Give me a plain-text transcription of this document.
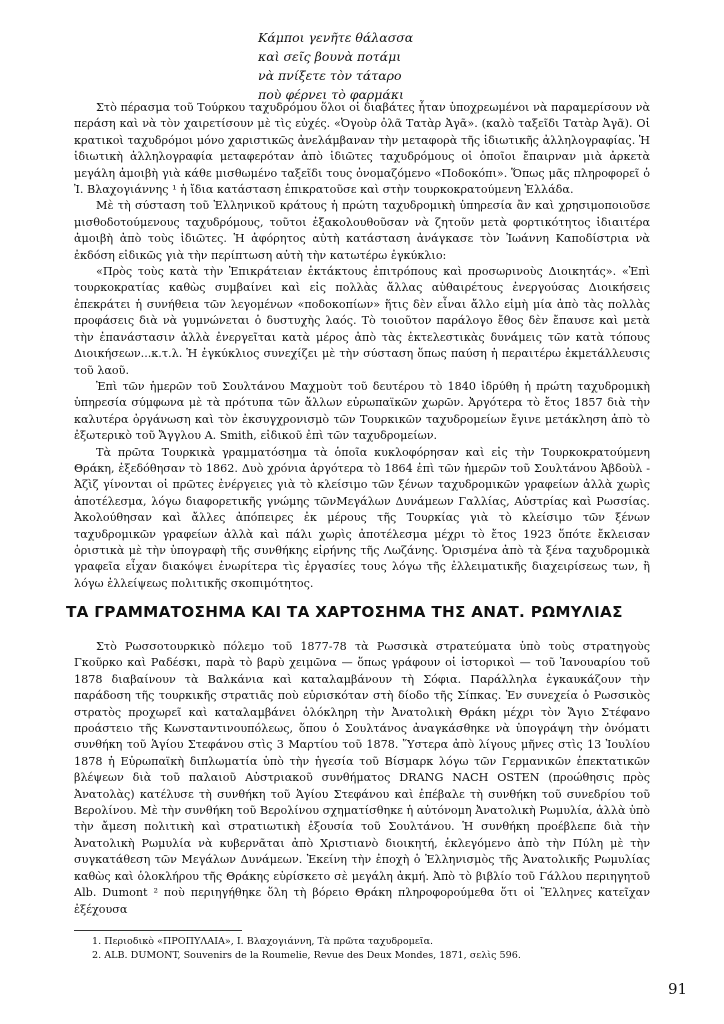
Κάμποι γενῆτε θάλασσα
καὶ σεῖς βουνὰ ποτάμι
νὰ πνίξετε τὸν τάταρο
ποὺ φέρνει τὸ φαρμάκι

Στὸ πέρασμα τοῦ Τούρκου ταχυδρόμου ὅλοι οἱ διαβάτες ἦταν ὑποχρεωμένοι νὰ παραμερίσουν νὰ περάση καὶ νὰ τὸν χαιρετίσουν μὲ τὶς εὐχές. «Ὀγοὺρ ὀλᾶ Τατὰρ Ἀγᾶ». (καλὸ ταξεῖδι Τατὰρ Ἀγᾶ). Οἱ κρατικοὶ ταχυδρόμοι μόνο χαριστικῶς ἀνελάμβαναν τὴν μεταφορὰ τῆς ἰδιωτικῆς ἀλληλογραφίας. Ἡ ἰδιωτικὴ ἀλληλογραφία μεταφερόταν ἀπὸ ἰδιῶτες ταχυδρόμους οἱ ὁποῖοι ἔπαιρναν μιὰ ἀρκετὰ μεγάλη ἀμοιβὴ γιὰ κάθε μισθωμένο ταξεῖδι τους ὀνομαζόμενο «Ποδοκόπι». Ὅπως μᾶς πληροφορεῖ ὁ Ἰ. Βλαχογιάννης ¹ ἡ ἴδια κατάσταση ἐπικρατοῦσε καὶ στὴν τουρκοκρατούμενη Ἑλλάδα.

Μὲ τὴ σύσταση τοῦ Ἑλληνικοῦ κράτους ἡ πρώτη ταχυδρομικὴ ὑπηρεσία ἂν καὶ χρησιμοποιοῦσε μισθοδοτούμενους ταχυδρόμους, τοῦτοι ἐξακολουθοῦσαν νὰ ζητοῦν μετὰ φορτικότητος ἰδιαιτέρα ἀμοιβὴ ἀπὸ τοὺς ἰδιῶτες. Ἡ ἀφόρητος αὐτὴ κατάσταση ἀνάγκασε τὸν Ἰωάννη Καποδίστρια νὰ ἐκδόση εἰδικῶς γιὰ τὴν περίπτωση αὐτὴ τὴν κατωτέρω ἐγκύκλιο:

«Πρὸς τοὺς κατὰ τὴν Ἐπικράτειαν ἐκτάκτους ἐπιτρόπους καὶ προσωρινοὺς Διοικητάς». «Ἐπὶ τουρκοκρατίας καθὼς συμβαίνει καὶ εἰς πολλὰς ἄλλας αὐθαιρέτους ἐνεργούσας Διοικήσεις ἐπεκράτει ἡ συνήθεια τῶν λεγομένων «ποδοκοπίων» ἥτις δὲν εἶναι ἄλλο εἰμὴ μία ἀπὸ τὰς πολλὰς προφάσεις διὰ νὰ γυμνώνεται ὁ δυστυχὴς λαός. Τὸ τοιοῦτον παράλογο ἔθος δὲν ἔπαυσε καὶ μετὰ τὴν ἐπανάστασιν ἀλλὰ ἐνεργεῖται κατὰ μέρος ἀπὸ τὰς ἐκτελεστικὰς δυνάμεις τῶν κατὰ τόπους Διοικήσεων...κ.τ.λ. Ἡ ἐγκύκλιος συνεχίζει μὲ τὴν σύσταση ὅπως παύση ἡ περαιτέρω ἐκμετάλλευσις τοῦ λαοῦ.

Ἐπὶ τῶν ἡμερῶν τοῦ Σουλτάνου Μαχμοὺτ τοῦ δευτέρου τὸ 1840 ἱδρύθη ἡ πρώτη ταχυδρομικὴ ὑπηρεσία σύμφωνα μὲ τὰ πρότυπα τῶν ἄλλων εὐρωπαϊκῶν χωρῶν. Ἀργότερα τὸ ἔτος 1857 διὰ τὴν καλυτέρα ὀργάνωση καὶ τὸν ἐκσυγχρονισμὸ τῶν Τουρκικῶν ταχυδρομείων ἔγινε μετάκληση ἀπὸ τὸ ἐξωτερικὸ τοῦ Ἄγγλου A. Smith, εἰδικοῦ ἐπὶ τῶν ταχυδρομείων.

Τὰ πρῶτα Τουρκικὰ γραμματόσημα τὰ ὁποῖα κυκλοφόρησαν καὶ εἰς τὴν Τουρκοκρατούμενη Θράκη, ἐξεδόθησαν τὸ 1862. Δυὸ χρόνια ἀργότερα τὸ 1864 ἐπὶ τῶν ἡμερῶν τοῦ Σουλτάνου Ἀβδοὺλ - Ἀζὶζ γίνονται οἱ πρῶτες ἐνέργειες γιὰ τὸ κλείσιμο τῶν ξένων ταχυδρομικῶν γραφείων ἀλλὰ χωρὶς ἀποτέλεσμα, λόγω διαφορετικῆς γνώμης τῶνΜεγάλων Δυνάμεων Γαλλίας, Αὐστρίας καὶ Ρωσσίας. Ἀκολούθησαν καὶ ἄλλες ἀπόπειρες ἐκ μέρους τῆς Τουρκίας γιὰ τὸ κλείσιμο τῶν ξένων ταχυδρομικῶν γραφείων ἀλλὰ καὶ πάλι χωρὶς ἀποτέλεσμα μέχρι τὸ ἔτος 1923 ὅπότε ἔκλεισαν ὁριστικὰ μὲ τὴν ὑπογραφὴ τῆς συνθήκης εἰρήνης τῆς Λωζάνης. Ὁρισμένα ἀπὸ τὰ ξένα ταχυδρομικὰ γραφεῖα εἶχαν διακόψει ἐνωρίτερα τὶς ἐργασίες τους λόγω τῆς ἐλλειματικῆς διαχειρίσεως των, ἢ λόγω ἐλλείψεως πολιτικῆς σκοπιμότητος.

ΤΑ ΓΡΑΜΜΑΤΟΣΗΜΑ ΚΑΙ ΤΑ ΧΑΡΤΟΣΗΜΑ ΤΗΣ ΑΝΑΤ. ΡΩΜΥΛΙΑΣ

Στὸ Ρωσσοτουρκικὸ πόλεμο τοῦ 1877-78 τὰ Ρωσσικὰ στρατεύματα ὑπὸ τοὺς στρατηγοὺς Γκοῦρκο καὶ Ραδέσκι, παρὰ τὸ βαρὺ χειμῶνα — ὅπως γράφουν οἱ ἱστορικοὶ — τοῦ Ἰανουαρίου τοῦ 1878 διαβαίνουν τὰ Βαλκάνια καὶ καταλαμβάνουν τὴ Σόφια. Παράλληλα ἐγκαυκάζουν τὴν παράδοση τῆς τουρκικῆς στρατιᾶς ποὺ εὑρισκόταν στὴ δίοδο τῆς Σίπκας. Ἐν συνεχεία ὁ Ρωσσικὸς στρατὸς προχωρεῖ καὶ καταλαμβάνει ὁλόκληρη τὴν Ἀνατολικὴ Θράκη μέχρι τὸν Ἅγιο Στέφανο προάστειο τῆς Κωνσταντινουπόλεως, ὅπου ὁ Σουλτάνος ἀναγκάσθηκε νὰ ὑπογράψη τὴν ὀνόματι συνθήκη τοῦ Ἁγίου Στεφάνου στὶς 3 Μαρτίου τοῦ 1878. Ὕστερα ἀπὸ λίγους μῆνες στὶς 13 Ἰουλίου 1878 ἡ Εὐρωπαϊκὴ διπλωματία ὑπὸ τὴν ἡγεσία τοῦ Βίσμαρκ λόγω τῶν Γερμανικῶν ἐπεκτατικῶν βλέψεων διὰ τοῦ παλαιοῦ Αὐστριακοῦ συνθήματος DRANG NACH OSTEN (προώθησις πρὸς Ἀνατολὰς) κατέλυσε τὴ συνθήκη τοῦ Ἁγίου Στεφάνου καὶ ἐπέβαλε τὴ συνθήκη τοῦ συνεδρίου τοῦ Βερολίνου. Μὲ τὴν συνθήκη τοῦ Βερολίνου σχηματίσθηκε ἡ αὐτόνομη Ἀνατολικὴ Ρωμυλία, ἀλλὰ ὑπὸ τὴν ἄμεση πολιτικὴ καὶ στρατιωτικὴ ἐξουσία τοῦ Σουλτάνου. Ἡ συνθήκη προέβλεπε διὰ τὴν Ἀνατολικὴ Ρωμυλία νὰ κυβερνᾶται ἀπὸ Χριστιανὸ διοικητή, ἐκλεγόμενο ἀπὸ τὴν Πύλη μὲ τὴν συγκατάθεση τῶν Μεγάλων Δυνάμεων. Ἐκείνη τὴν ἐποχὴ ὁ Ἑλληνισμὸς τῆς Ἀνατολικῆς Ρωμυλίας καθὼς καὶ ὁλοκλήρου τῆς Θράκης εὑρίσκετο σὲ μεγάλη ἀκμή. Ἀπὸ τὸ βιβλίο τοῦ Γάλλου περιηγητοῦ Alb. Dumont ² ποὺ περιηγήθηκε ὅλη τὴ βόρειο Θράκη πληροφορούμεθα ὅτι οἱ Ἕλληνες κατεῖχαν ἐξέχουσα

1. Περιοδικὸ «ΠΡΟΠΥΛΑΙΑ», Ι. Βλαχογιάννη, Τὰ πρῶτα ταχυδρομεῖα.
2. ALB. DUMONT, Souvenirs de la Roumelie, Revue des Deux Mondes, 1871, σελὶς 596.
91
